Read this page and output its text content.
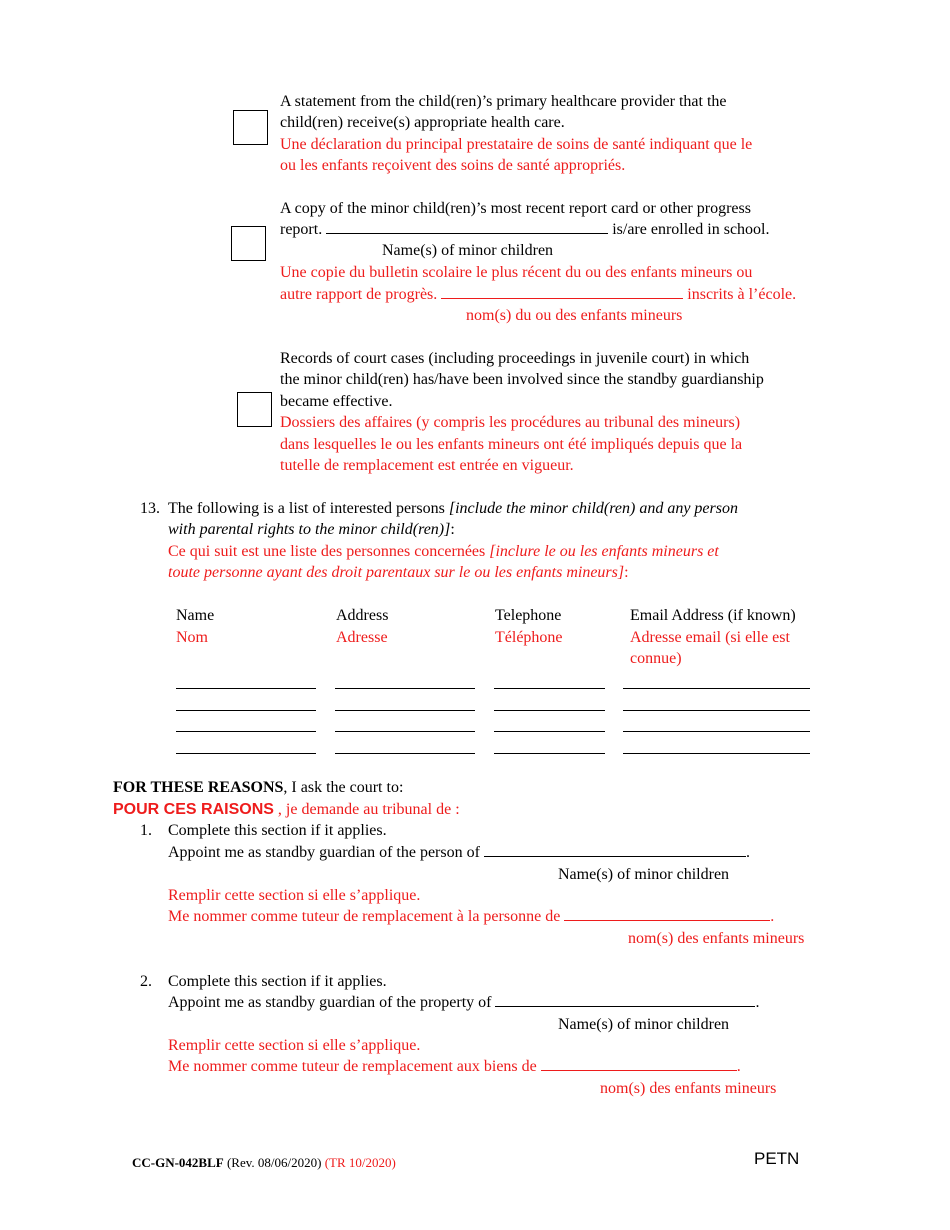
A statement from the child(ren)’s primary healthcare provider that the
child(ren) receive(s) appropriate health care.
Une déclaration du principal prestataire de soins de santé indiquant que le
ou les enfants reçoivent des soins de santé appropriés.
A copy of the minor child(ren)’s most recent report card or other progress
report.	is/are enrolled in school.
Name(s) of minor children
Une copie du bulletin scolaire le plus récent du ou des enfants mineurs ou
autre rapport de progrès.	inscrits à l’école.
nom(s) du ou des enfants mineurs
Records of court cases (including proceedings in juvenile court) in which
the minor child(ren) has/have been involved since the standby guardianship
became effective.
Dossiers des affaires (y compris les procédures au tribunal des mineurs)
dans lesquelles le ou les enfants mineurs ont été impliqués depuis que la
tutelle de remplacement est entrée en vigueur.
13. The following is a list of interested persons [include the minor child(ren) and any person
with parental rights to the minor child(ren)]:
Ce qui suit est une liste des personnes concernées [inclure le ou les enfants mineurs et
toute personne ayant des droit parentaux sur le ou les enfants mineurs]:
Name	Address	Telephone	Email Address (if known)
Nom	Adresse	Téléphone	Adresse email (si elle est
connue)
FOR THESE REASONS, I ask the court to:
POUR CES RAISONS , je demande au tribunal de :
1. Complete this section if it applies.
Appoint me as standby guardian of the person of	.
Name(s) of minor children
Remplir cette section si elle s’applique.
Me nommer comme tuteur de remplacement à la personne de	.
nom(s) des enfants mineurs
2. Complete this section if it applies.
Appoint me as standby guardian of the property of	.
Name(s) of minor children
Remplir cette section si elle s’applique.
Me nommer comme tuteur de remplacement aux biens de	.
nom(s) des enfants mineurs
CC-GN-042BLF (Rev. 08/06/2020) (TR 10/2020)	PETN
